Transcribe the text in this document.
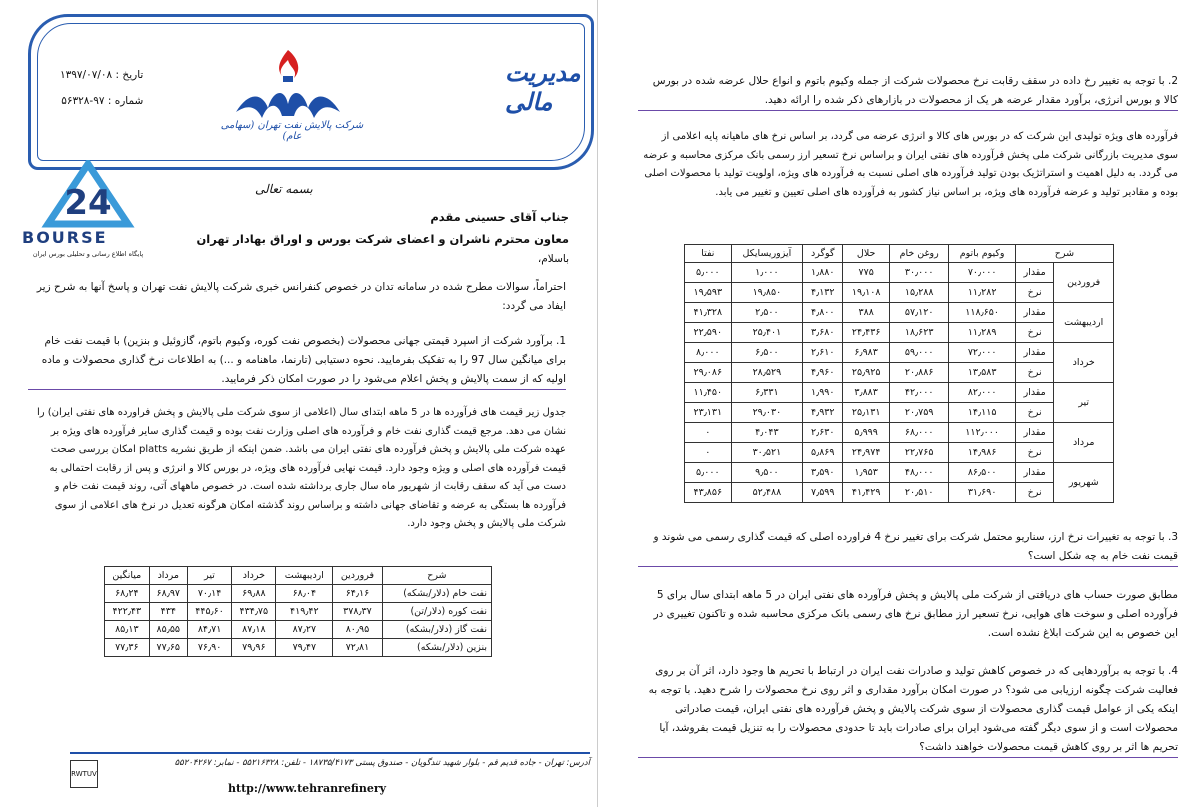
مدیریت مالی
شرکت پالایش نفت تهران (سهامی عام)
تاریخ : ۱۳۹۷/۰۷/۰۸
شماره : ۹۷-۵۶۳۲۸
24
BOURSE
پایگاه اطلاع رسانی و تحلیلی بورس ایران
بسمه تعالی
جناب آقای حسینی مقدم
معاون محترم ناشران و اعضای شرکت بورس و اوراق بهادار تهران
باسلام،
احتراماً، سوالات مطرح شده در سامانه تدان در خصوص کنفرانس خبری شرکت پالایش نفت تهران و پاسخ آنها به شرح زیر ایفاد می گردد:
1. برآورد شرکت از اسپرد قیمتی جهانی محصولات (بخصوص نفت کوره، وکیوم باتوم، گازوئیل و بنزین) با قیمت نفت خام برای میانگین سال 97 را به تفکیک بفرمایید. نحوه دستیابی (تارنما، ماهنامه و ...) به اطلاعات نرخ گذاری محصولات و ماده اولیه که از سمت پالایش و پخش اعلام می‌شود را در صورت امکان ذکر فرمایید.
جدول زیر قیمت های فرآورده ها در 5 ماهه ابتدای سال (اعلامی از سوی شرکت ملی پالایش و پخش فراورده های نفتی ایران) را نشان می دهد. مرجع قیمت گذاری نفت خام و فرآورده های اصلی وزارت نفت بوده و قیمت گذاری سایر فرآورده های ویژه بر عهده شرکت ملی پالایش و پخش فرآورده های نفتی ایران می باشد. ضمن اینکه از طریق نشریه platts امکان بررسی صحت قیمت فرآورده های اصلی و ویژه وجود دارد. قیمت نهایی فرآورده های ویژه، در بورس کالا و انرژی و پس از رقابت احتمالی به دست می آید که سقف رقابت از شهریور ماه سال جاری برداشته شده است. در خصوص ماههای آتی، روند قیمت نفت خام و فرآورده ها بستگی به عرضه و تقاضای جهانی داشته و براساس روند گذشته امکان هرگونه تعدیل در نرخ های اعلامی از سوی شرکت ملی پالایش و پخش وجود دارد.
شرح	فروردین	اردیبهشت	خرداد	تیر	مرداد	میانگین
نفت خام (دلار/بشکه)	۶۴٫۱۶	۶۸٫۰۴	۶۹٫۸۸	۷۰٫۱۴	۶۸٫۹۷	۶۸٫۲۴
نفت کوره (دلار/تن)	۳۷۸٫۳۷	۴۱۹٫۴۲	۴۳۴٫۷۵	۴۴۵٫۶۰	۴۳۴	۴۲۲٫۴۳
نفت گاز (دلار/بشکه)	۸۰٫۹۵	۸۷٫۲۷	۸۷٫۱۸	۸۴٫۷۱	۸۵٫۵۵	۸۵٫۱۳
بنزین (دلار/بشکه)	۷۲٫۸۱	۷۹٫۴۷	۷۹٫۹۶	۷۶٫۹۰	۷۷٫۶۵	۷۷٫۳۶
RWTUV
آدرس: تهران - جاده قدیم قم - بلوار شهید تندگویان - صندوق پستی ۱۸۷۳۵/۴۱۷۳ - تلفن: ۵۵۲۱۶۳۲۸ - نمابر: ۵۵۲۰۴۲۶۷
http://www.tehranrefinery
2. با توجه به تغییر رخ داده در سقف رقابت نرخ محصولات شرکت از جمله وکیوم باتوم و انواع حلال عرضه شده در بورس کالا و بورس انرژی، برآورد مقدار عرضه هر یک از محصولات در بازارهای ذکر شده را ارائه دهید.
فرآورده های ویژه تولیدی این شرکت که در بورس های کالا و انرژی عرضه می گردد، بر اساس نرخ های ماهیانه پایه اعلامی از سوی مدیریت بازرگانی شرکت ملی پخش فرآورده های نفتی ایران و براساس نرخ تسعیر ارز رسمی بانک مرکزی محاسبه و عرضه می گردد. به دلیل اهمیت و استراتژیک بودن تولید فرآورده های اصلی نسبت به فرآورده های ویژه، اولویت تولید با محصولات اصلی بوده و مقادیر تولید و عرضه فرآورده های ویژه، بر اساس نیاز کشور به فرآورده های اصلی تعیین و تغییر می یابد.
شرح		وکیوم باتوم	روغن خام	حلال	گوگرد	آیزوریسایکل	نفتا
فروردین	مقدار	۷۰٫۰۰۰	۳۰٫۰۰۰	۷۷۵	۱٫۸۸۰	۱٫۰۰۰	۵٫۰۰۰
	نرخ	۱۱٫۲۸۲	۱۵٫۲۸۸	۱۹٫۱۰۸	۴٫۱۳۲	۱۹٫۸۵۰	۱۹٫۵۹۳
اردیبهشت	مقدار	۱۱۸٫۶۵۰	۵۷٫۱۲۰	۳۸۸	۴٫۸۰۰	۲٫۵۰۰	۴۱٫۳۲۸
	نرخ	۱۱٫۲۸۹	۱۸٫۶۲۳	۲۴٫۴۳۶	۳٫۶۸۰	۲۵٫۴۰۱	۲۲٫۵۹۰
خرداد	مقدار	۷۲٫۰۰۰	۵۹٫۰۰۰	۶٫۹۸۳	۲٫۶۱۰	۶٫۵۰۰	۸٫۰۰۰
	نرخ	۱۳٫۵۸۳	۲۰٫۸۸۶	۲۵٫۹۲۵	۴٫۹۶۰	۲۸٫۵۲۹	۲۹٫۰۸۶
تیر	مقدار	۸۲٫۰۰۰	۴۲٫۰۰۰	۳٫۸۸۳	۱٫۹۹۰	۶٫۳۳۱	۱۱٫۴۵۰
	نرخ	۱۴٫۱۱۵	۲۰٫۷۵۹	۲۵٫۱۳۱	۴٫۹۳۲	۲۹٫۰۳۰	۲۳٫۱۳۱
مرداد	مقدار	۱۱۲٫۰۰۰	۶۸٫۰۰۰	۵٫۹۹۹	۲٫۶۳۰	۴٫۰۴۳	۰
	نرخ	۱۴٫۹۸۶	۲۲٫۷۶۵	۲۴٫۹۷۴	۵٫۸۶۹	۳۰٫۵۲۱	۰
شهریور	مقدار	۸۶٫۵۰۰	۴۸٫۰۰۰	۱٫۹۵۳	۳٫۵۹۰	۹٫۵۰۰	۵٫۰۰۰
	نرخ	۳۱٫۶۹۰	۲۰٫۵۱۰	۴۱٫۴۲۹	۷٫۵۹۹	۵۲٫۴۸۸	۴۳٫۸۵۶
3. با توجه به تغییرات نرخ ارز، سناریو محتمل شرکت برای تغییر نرخ 4 فراورده اصلی که قیمت گذاری رسمی می شوند و قیمت نفت خام به چه شکل است؟
مطابق صورت حساب های دریافتی از شرکت ملی پالایش و پخش فرآورده های نفتی ایران در 5 ماهه ابتدای سال برای 5 فرآورده اصلی و سوخت های هوایی، نرخ تسعیر ارز مطابق نرخ های رسمی بانک مرکزی محاسبه شده و تاکنون تغییری در این خصوص به این شرکت ابلاغ نشده است.
4. با توجه به برآوردهایی که در خصوص کاهش تولید و صادرات نفت ایران در ارتباط با تحریم ها وجود دارد، اثر آن بر روی فعالیت شرکت چگونه ارزیابی می شود؟ در صورت امکان برآورد مقداری و اثر روی نرخ محصولات را شرح دهید. با توجه به اینکه یکی از عوامل قیمت گذاری محصولات از سوی شرکت پالایش و پخش فرآورده های نفتی ایران، قیمت صادراتی محصولات است و از سوی دیگر گفته می‌شود ایران برای صادرات باید تا حدودی محصولات را به تنزیل قیمت بفروشد، آیا تحریم ها اثر بر روی کاهش قیمت محصولات خواهند داشت؟
